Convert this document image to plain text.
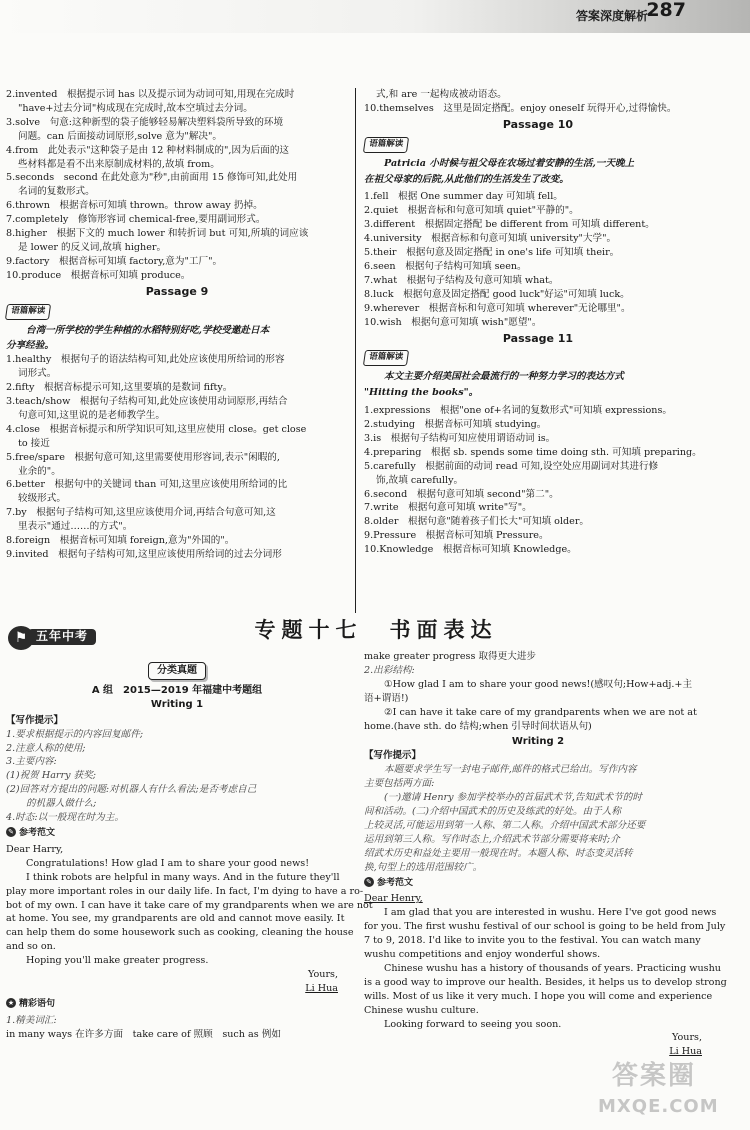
答案深度解析
287

2.invented　根据提示词 has 以及提示词为动词可知,用现在完成时

"have+过去分词"构成现在完成时,故本空填过去分词。

3.solve　句意:这种新型的袋子能够轻易解决塑料袋所导致的环境

问题。can 后面接动词原形,solve 意为"解决"。

4.from　此处表示"这种袋子是由 12 种材料制成的",因为后面的这

些材料都是看不出来原制成材料的,故填 from。

5.seconds　second 在此处意为"秒",由前面用 15 修饰可知,此处用

名词的复数形式。

6.thrown　根据音标可知填 thrown。throw away 扔掉。

7.completely　修饰形容词 chemical-free,要用副词形式。

8.higher　根据下文的 much lower 和转折词 but 可知,所填的词应该

是 lower 的反义词,故填 higher。

9.factory　根据音标可知填 factory,意为"工厂"。

10.produce　根据音标可知填 produce。

Passage 9

语篇解读

台湾一所学校的学生种植的水稻特别好吃,学校受邀赴日本

分享经验。

1.healthy　根据句子的语法结构可知,此处应该使用所给词的形容

词形式。

2.fifty　根据音标提示可知,这里要填的是数词 fifty。

3.teach/show　根据句子结构可知,此处应该使用动词原形,再结合

句意可知,这里说的是老师教学生。

4.close　根据音标提示和所学知识可知,这里应使用 close。get close

to 接近

5.free/spare　根据句意可知,这里需要使用形容词,表示"闲暇的,

业余的"。

6.better　根据句中的关键词 than 可知,这里应该使用所给词的比

较级形式。

7.by　根据句子结构可知,这里应该使用介词,再结合句意可知,这

里表示"通过……的方式"。

8.foreign　根据音标可知填 foreign,意为"外国的"。

9.invited　根据句子结构可知,这里应该使用所给词的过去分词形

式,和 are 一起构成被动语态。

10.themselves　这里是固定搭配。enjoy oneself 玩得开心,过得愉快。

Passage 10

语篇解读

Patricia 小时候与祖父母在农场过着安静的生活,一天晚上

在祖父母家的后院,从此他们的生活发生了改变。

1.fell　根据 One summer day 可知填 fell。

2.quiet　根据音标和句意可知填 quiet"平静的"。

3.different　根据固定搭配 be different from 可知填 different。

4.university　根据音标和句意可知填 university"大学"。

5.their　根据句意及固定搭配 in one's life 可知填 their。

6.seen　根据句子结构可知填 seen。

7.what　根据句子结构及句意可知填 what。

8.luck　根据句意及固定搭配 good luck"好运"可知填 luck。

9.wherever　根据音标和句意可知填 wherever"无论哪里"。

10.wish　根据句意可知填 wish"愿望"。

Passage 11

语篇解读

本文主要介绍美国社会最流行的一种努力学习的表达方式

"Hitting the books"。

1.expressions　根据"one of+名词的复数形式"可知填 expressions。

2.studying　根据音标可知填 studying。

3.is　根据句子结构可知应使用谓语动词 is。

4.preparing　根据 sb. spends some time doing sth. 可知填 preparing。

5.carefully　根据前面的动词 read 可知,设空处应用副词对其进行修

饰,故填 carefully。

6.second　根据句意可知填 second"第二"。

7.write　根据句意可知填 write"写"。

8.older　根据句意"随着孩子们长大"可知填 older。

9.Pressure　根据音标可知填 Pressure。

10.Knowledge　根据音标可知填 Knowledge。

⚑ 五年中考	专题十七　书面表达
分类真题

A 组　2015—2019 年福建中考题组

Writing 1

【写作提示】

1.要求根据提示的内容回复邮件;

2.注意人称的使用;

3.主要内容:

(1)祝贺 Harry 获奖;

(2)回答对方提出的问题:对机器人有什么看法;是否考虑自己

的机器人做什么;

4.时态:以一般现在时为主。

✎ 参考范文

Dear Harry,

Congratulations! How glad I am to share your good news!

I think robots are helpful in many ways. And in the future they'll

play more important roles in our daily life. In fact, I'm dying to have a ro-

bot of my own. I can have it take care of my grandparents when we are not

at home. You see, my grandparents are old and cannot move easily. It

can help them do some housework such as cooking, cleaning the house

and so on.

Hoping you'll make greater progress.

Yours,

Li Hua

★ 精彩语句

1.精美词汇:

in many ways 在许多方面　take care of 照顾　such as 例如

make greater progress 取得更大进步

2.出彩结构:

①How glad I am to share your good news!(感叹句;How+adj.+主

语+谓语!)

②I can have it take care of my grandparents when we are not at

home.(have sth. do 结构;when 引导时间状语从句)

Writing 2

【写作提示】

本题要求学生写一封电子邮件,邮件的格式已给出。写作内容

主要包括两方面:

(一)邀请 Henry 参加学校举办的首届武术节,告知武术节的时

间和活动。(二)介绍中国武术的历史及练武的好处。由于人称

上较灵活,可能运用到第一人称、第二人称。介绍中国武术部分还要

运用到第三人称。写作时态上,介绍武术节部分需要将来时;介

绍武术历史和益处主要用一般现在时。本题人称、时态变灵活转

换,句型上的选用范围较广。

✎ 参考范文

Dear Henry,

I am glad that you are interested in wushu. Here I've got good news

for you. The first wushu festival of our school is going to be held from July

7 to 9, 2018. I'd like to invite you to the festival. You can watch many

wushu competitions and enjoy wonderful shows.

Chinese wushu has a history of thousands of years. Practicing wushu

is a good way to improve our health. Besides, it helps us to develop strong

wills. Most of us like it very much. I hope you will come and experience

Chinese wushu culture.

Looking forward to seeing you soon.

Yours,

Li Hua

答案圈
MXQE.COM
